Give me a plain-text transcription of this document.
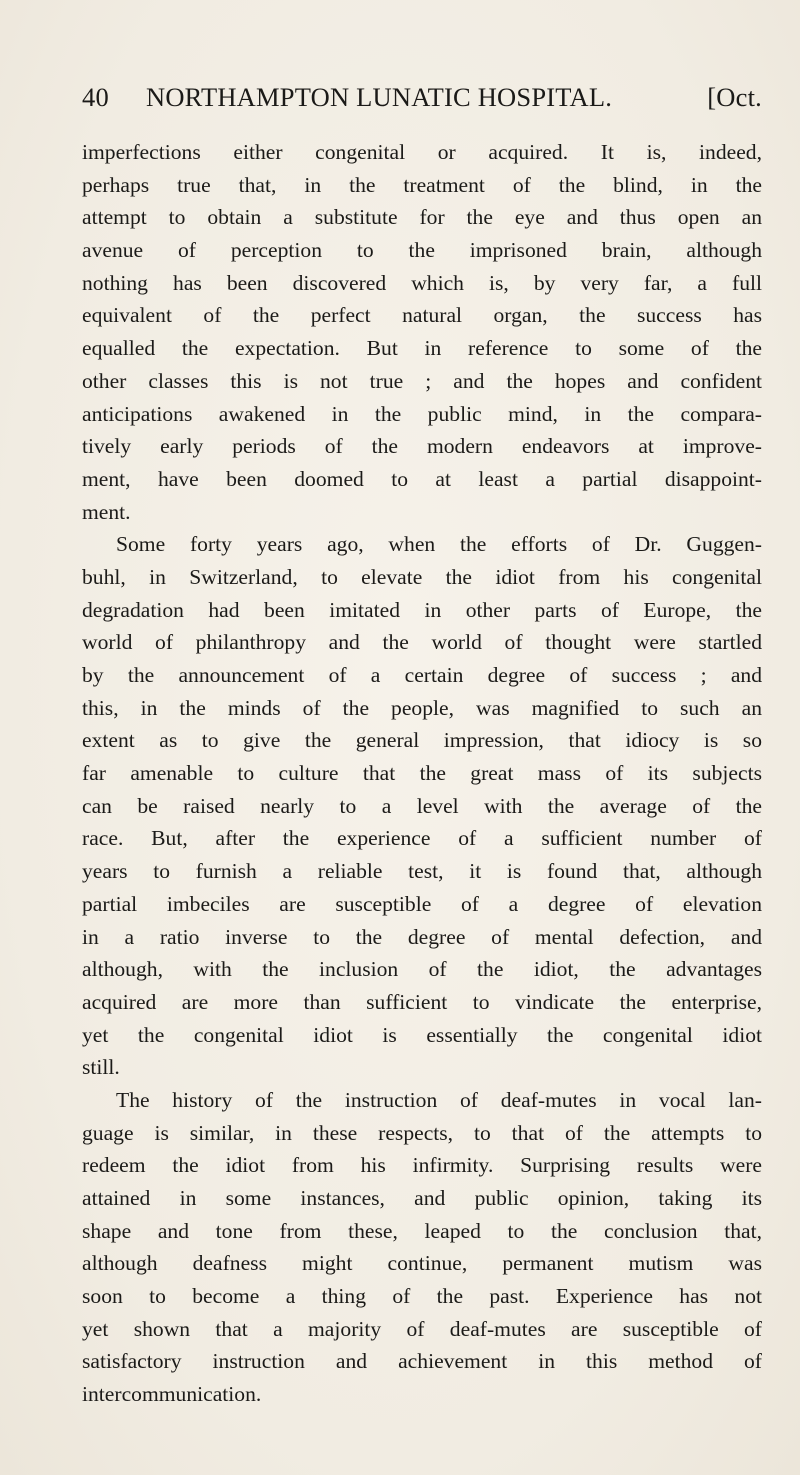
40 NORTHAMPTON LUNATIC HOSPITAL.	[Oct.
imperfections either congenital or acquired. It is, indeed,
perhaps true that, in the treatment of the blind, in the
attempt to obtain a substitute for the eye and thus open an
avenue of perception to the imprisoned brain, although
nothing has been discovered which is, by very far, a full
equivalent of the perfect natural organ, the success has
equalled the expectation. But in reference to some of the
other classes this is not true ; and the hopes and confident
anticipations awakened in the public mind, in the compara-
tively early periods of the modern endeavors at improve-
ment, have been doomed to at least a partial disappoint-
ment.
Some forty years ago, when the efforts of Dr. Guggen-
buhl, in Switzerland, to elevate the idiot from his congenital
degradation had been imitated in other parts of Europe, the
world of philanthropy and the world of thought were startled
by the announcement of a certain degree of success ; and
this, in the minds of the people, was magnified to such an
extent as to give the general impression, that idiocy is so
far amenable to culture that the great mass of its subjects
can be raised nearly to a level with the average of the
race. But, after the experience of a sufficient number of
years to furnish a reliable test, it is found that, although
partial imbeciles are susceptible of a degree of elevation
in a ratio inverse to the degree of mental defection, and
although, with the inclusion of the idiot, the advantages
acquired are more than sufficient to vindicate the enterprise,
yet the congenital idiot is essentially the congenital idiot
still.
The history of the instruction of deaf-mutes in vocal lan-
guage is similar, in these respects, to that of the attempts to
redeem the idiot from his infirmity. Surprising results were
attained in some instances, and public opinion, taking its
shape and tone from these, leaped to the conclusion that,
although deafness might continue, permanent mutism was
soon to become a thing of the past. Experience has not
yet shown that a majority of deaf-mutes are susceptible of
satisfactory instruction and achievement in this method of
intercommunication.
